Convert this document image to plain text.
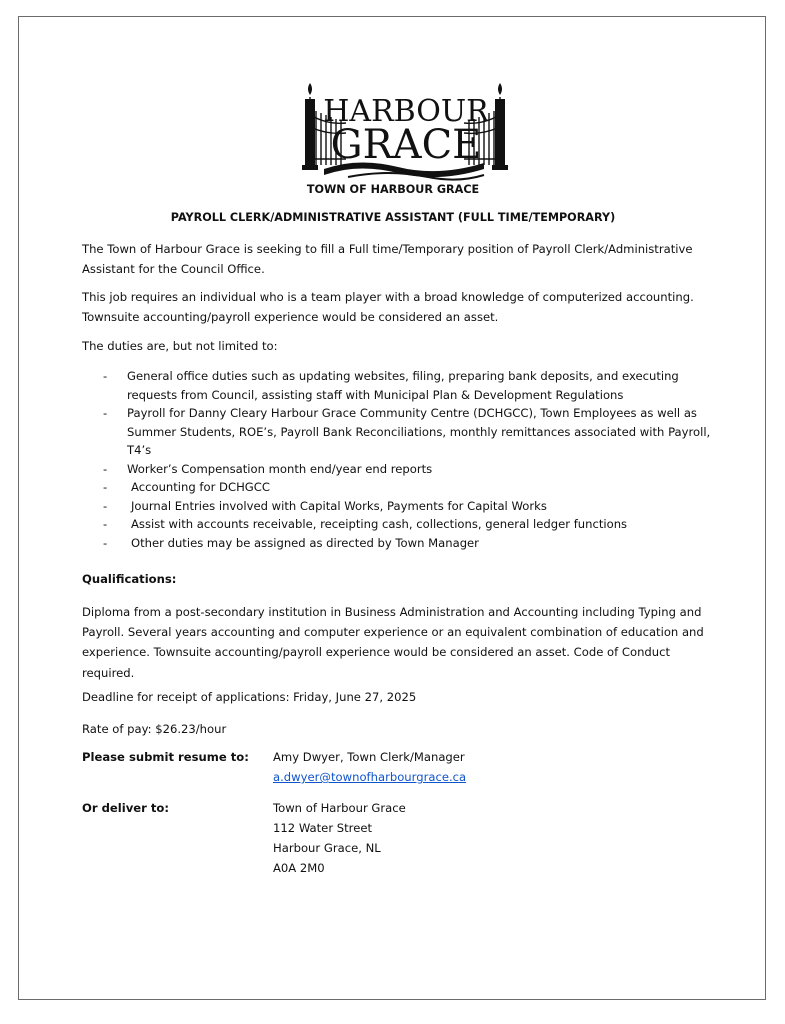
HARBOUR
GRACE
TOWN OF HARBOUR GRACE
PAYROLL CLERK/ADMINISTRATIVE ASSISTANT (FULL TIME/TEMPORARY)

The Town of Harbour Grace is seeking to fill a Full time/Temporary position of Payroll Clerk/Administrative Assistant for the Council Office.

This job requires an individual who is a team player with a broad knowledge of computerized accounting. Townsuite accounting/payroll experience would be considered an asset.

The duties are, but not limited to:

- General office duties such as updating websites, filing, preparing bank deposits, and executing requests from Council, assisting staff with Municipal Plan & Development Regulations
- Payroll for Danny Cleary Harbour Grace Community Centre (DCHGCC), Town Employees as well as Summer Students, ROE’s, Payroll Bank Reconciliations, monthly remittances associated with Payroll, T4’s
- Worker’s Compensation month end/year end reports
- Accounting for DCHGCC
- Journal Entries involved with Capital Works, Payments for Capital Works
- Assist with accounts receivable, receipting cash, collections, general ledger functions
- Other duties may be assigned as directed by Town Manager

Qualifications:

Diploma from a post-secondary institution in Business Administration and Accounting including Typing and Payroll. Several years accounting and computer experience or an equivalent combination of education and experience. Townsuite accounting/payroll experience would be considered an asset. Code of Conduct required.

Deadline for receipt of applications: Friday, June 27, 2025

Rate of pay: $26.23/hour

Please submit resume to: Amy Dwyer, Town Clerk/Manager
a.dwyer@townofharbourgrace.ca
Or deliver to:	Town of Harbour Grace
112 Water Street
Harbour Grace, NL
A0A 2M0
